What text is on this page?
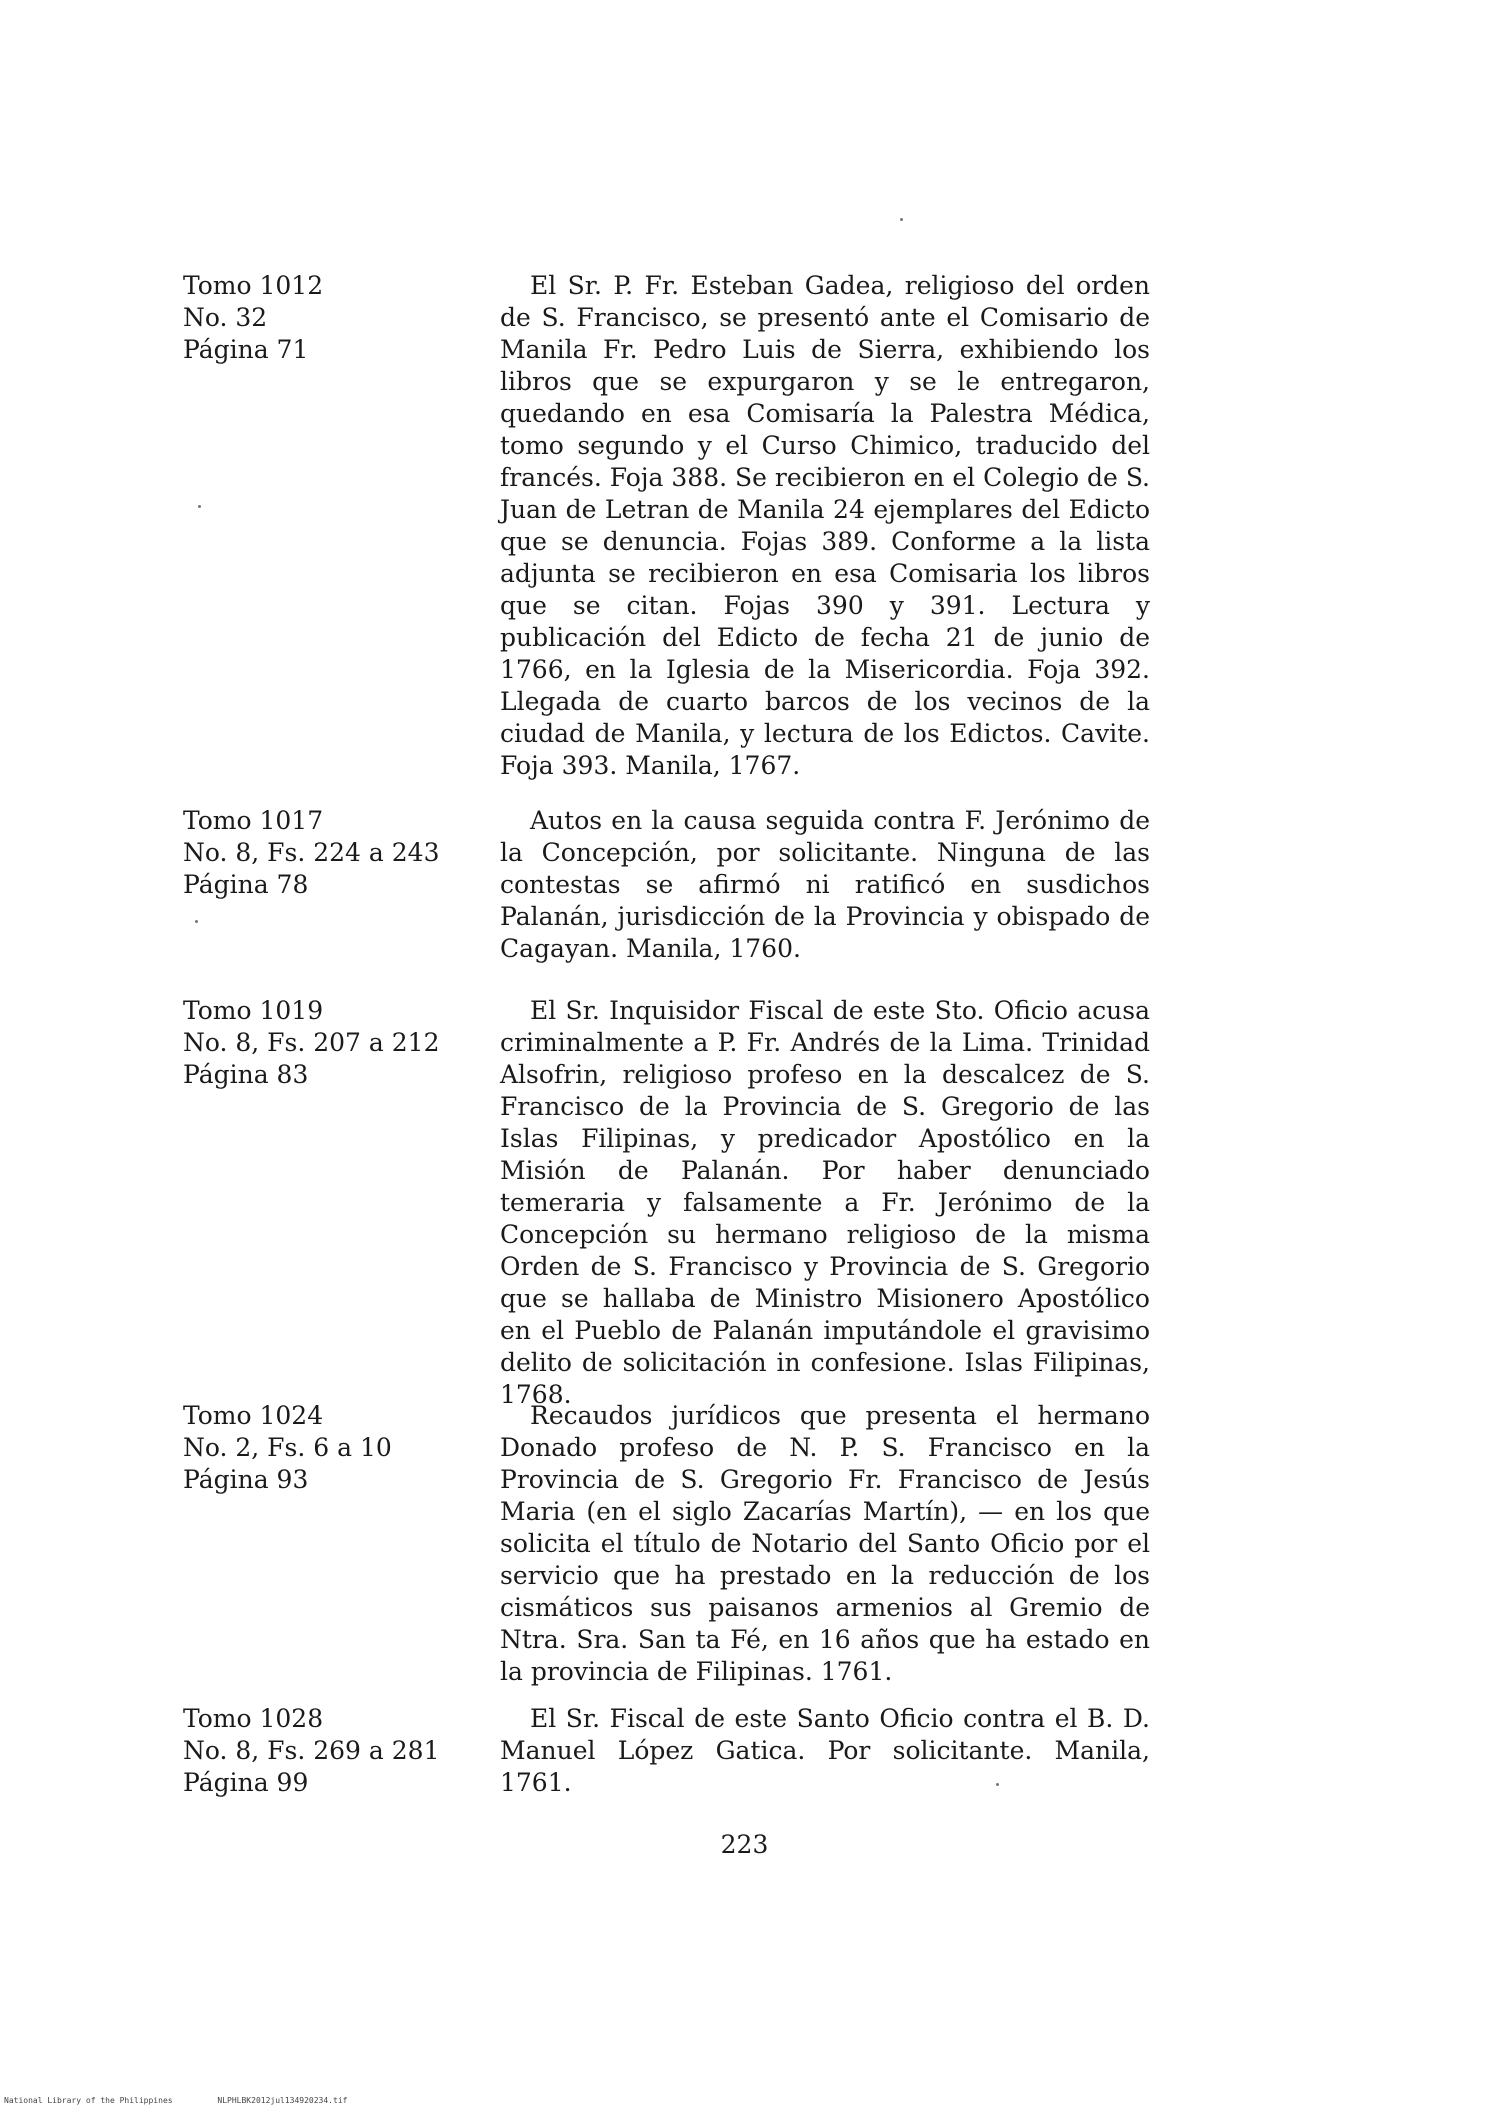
Tomo 1012
No. 32
Página 71
El Sr. P. Fr. Esteban Gadea, religioso del orden de S. Francisco, se presentó ante el Comisario de Manila Fr. Pedro Luis de Sierra, exhibiendo los libros que se expurgaron y se le entregaron, quedando en esa Comisaría la Palestra Médica, tomo segundo y el Curso Chimico, traducido del francés. Foja 388. Se recibieron en el Colegio de S. Juan de Letran de Manila 24 ejemplares del Edicto que se denuncia. Fojas 389. Conforme a la lista adjunta se recibieron en esa Comisaria los libros que se citan. Fojas 390 y 391. Lectura y publicación del Edicto de fecha 21 de junio de 1766, en la Iglesia de la Misericordia. Foja 392. Llegada de cuarto barcos de los vecinos de la ciudad de Manila, y lectura de los Edictos. Cavite. Foja 393. Manila, 1767.
Tomo 1017
No. 8, Fs. 224 a 243
Página 78
Autos en la causa seguida contra F. Jerónimo de la Concepción, por solicitante. Ninguna de las contestas se afirmó ni ratificó en susdichos Palanán, jurisdicción de la Provincia y obispado de Cagayan. Manila, 1760.
Tomo 1019
No. 8, Fs. 207 a 212
Página 83
El Sr. Inquisidor Fiscal de este Sto. Oficio acusa criminalmente a P. Fr. Andrés de la Lima. Trinidad Alsofrin, religioso profeso en la descalcez de S. Francisco de la Provincia de S. Gregorio de las Islas Filipinas, y predicador Apostólico en la Misión de Palanán. Por haber denunciado temeraria y falsamente a Fr. Jerónimo de la Concepción su hermano religioso de la misma Orden de S. Francisco y Provincia de S. Gregorio que se hallaba de Ministro Misionero Apostólico en el Pueblo de Palanán imputándole el gravisimo delito de solicitación in confesione. Islas Filipinas, 1768.
Tomo 1024
No. 2, Fs. 6 a 10
Página 93
Recaudos jurídicos que presenta el hermano Donado profeso de N. P. S. Francisco en la Provincia de S. Gregorio Fr. Francisco de Jesús Maria (en el siglo Zacarías Martín), — en los que solicita el título de Notario del Santo Oficio por el servicio que ha prestado en la reducción de los cismáticos sus paisanos armenios al Gremio de Ntra. Sra. San ta Fé, en 16 años que ha estado en la provincia de Filipinas. 1761.
Tomo 1028
No. 8, Fs. 269 a 281
Página 99
El Sr. Fiscal de este Santo Oficio contra el B. D. Manuel López Gatica. Por solicitante. Manila, 1761.
223
National Library of the Philippines	NLPHLBK2012jul134920234.tif
